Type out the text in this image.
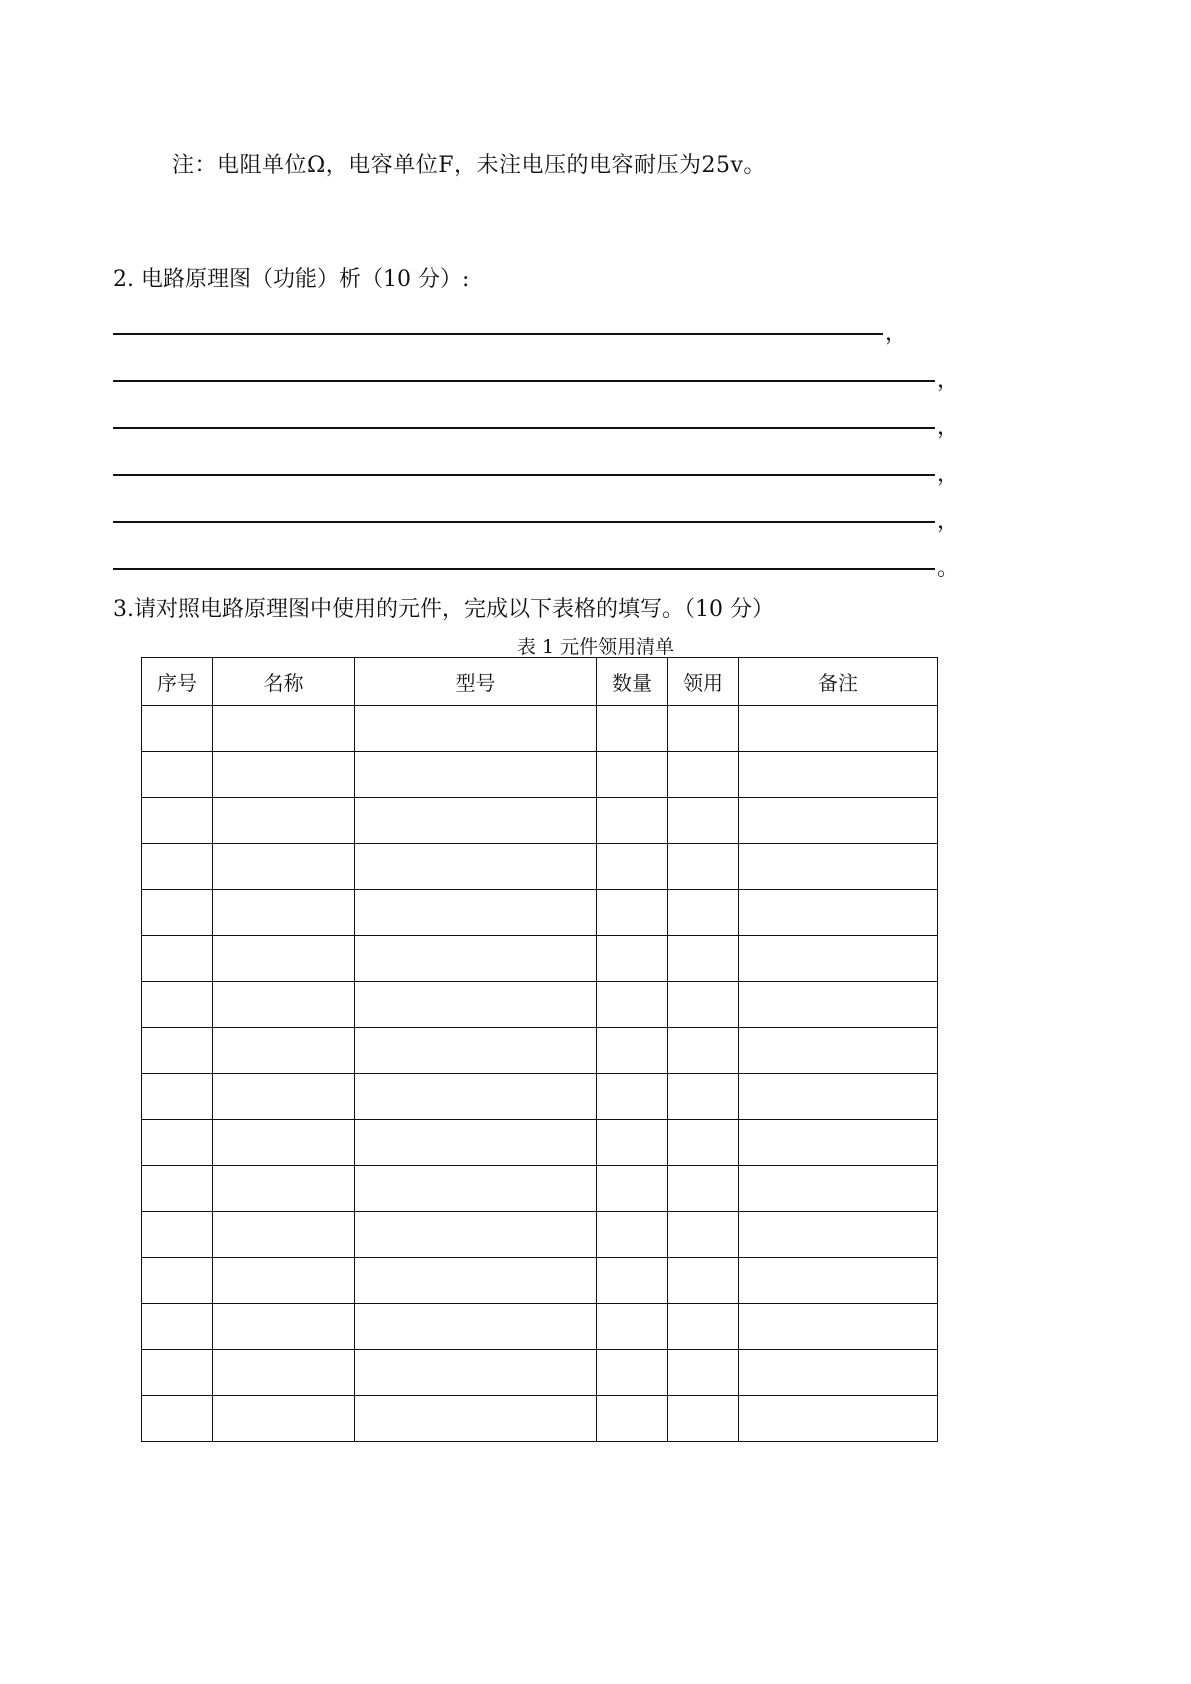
注：电阻单位Ω，电容单位F，未注电压的电容耐压为25v。
2. 电路原理图（功能）析（10 分）:
，
，
，
，
，
。
3.请对照电路原理图中使用的元件，完成以下表格的填写。（10 分）
表 1 元件领用清单
序号	名称	型号	数量	领用	备注
